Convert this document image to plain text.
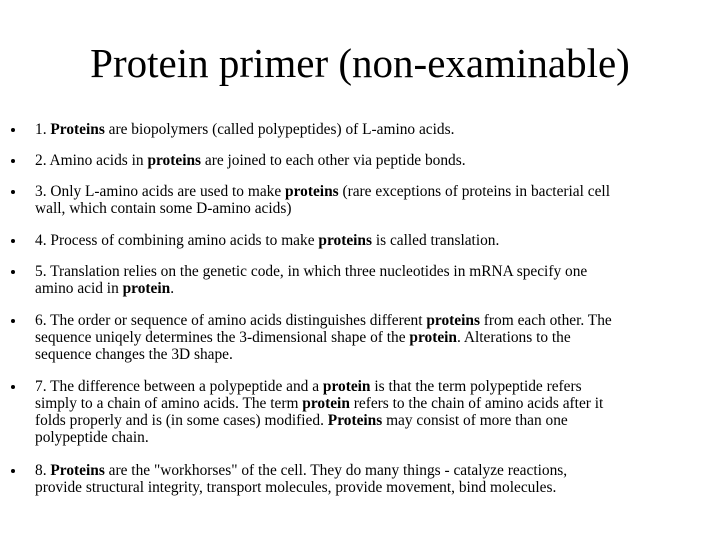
Protein primer (non-examinable)
1. Proteins are biopolymers (called polypeptides) of L-amino acids.
2. Amino acids in proteins are joined to each other via peptide bonds.
3. Only L-amino acids are used to make proteins (rare exceptions of proteins in bacterial cell
wall, which contain some D-amino acids)
4. Process of combining amino acids to make proteins is called translation.
5. Translation relies on the genetic code, in which three nucleotides in mRNA specify one
amino acid in protein.
6. The order or sequence of amino acids distinguishes different proteins from each other. The
sequence uniqely determines the 3-dimensional shape of the protein. Alterations to the
sequence changes the 3D shape.
7. The difference between a polypeptide and a protein is that the term polypeptide refers
simply to a chain of amino acids. The term protein refers to the chain of amino acids after it
folds properly and is (in some cases) modified. Proteins may consist of more than one
polypeptide chain.
8. Proteins are the "workhorses" of the cell. They do many things - catalyze reactions,
provide structural integrity, transport molecules, provide movement, bind molecules.
